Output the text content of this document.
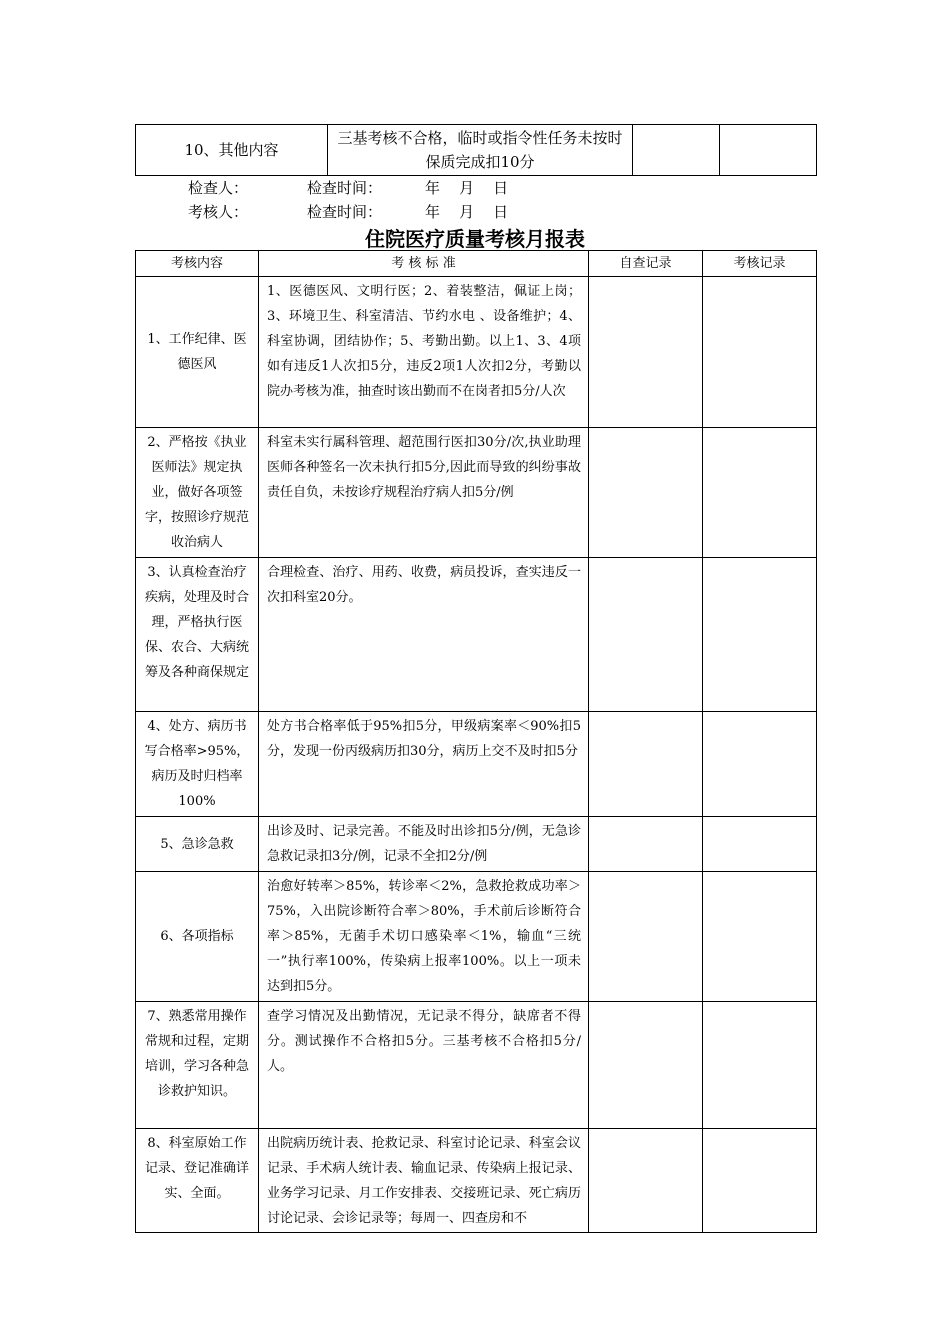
10、其他内容	三基考核不合格，临时或指令性任务未按时保质完成扣10分		
检查人：	检查时间：	年    月    日
考核人：	检查时间：	年    月    日
住院医疗质量考核月报表
考核内容	考 核 标 准	自查记录	考核记录
1、工作纪律、医德医风	1、医德医风、文明行医；2、着装整洁，佩证上岗；3、环境卫生、科室清洁、节约水电 、设备维护；4、科室协调，团结协作；5、考勤出勤。以上1、3、4项如有违反1人次扣5分，违反2项1人次扣2分，考勤以院办考核为准，抽查时该出勤而不在岗者扣5分/人次		
2、严格按《执业医师法》规定执业，做好各项签字，按照诊疗规范收治病人	科室未实行属科管理、超范围行医扣30分/次,执业助理医师各种签名一次未执行扣5分,因此而导致的纠纷事故责任自负，未按诊疗规程治疗病人扣5分/例		
3、认真检查治疗疾病，处理及时合理，严格执行医保、农合、大病统筹及各种商保规定	合理检查、治疗、用药、收费，病员投诉，查实违反一次扣科室20分。		
4、处方、病历书写合格率>95%，病历及时归档率100%	处方书合格率低于95%扣5分，甲级病案率＜90%扣5分，发现一份丙级病历扣30分，病历上交不及时扣5分		
5、急诊急救	出诊及时、记录完善。不能及时出诊扣5分/例，无急诊急救记录扣3分/例，记录不全扣2分/例		
6、各项指标	治愈好转率＞85%，转诊率＜2%，急救抢救成功率＞75%，入出院诊断符合率＞80%，手术前后诊断符合率＞85%，无菌手术切口感染率＜1%，输血“三统一”执行率100%，传染病上报率100%。以上一项未达到扣5分。		
7、熟悉常用操作常规和过程，定期培训，学习各种急诊救护知识。	查学习情况及出勤情况，无记录不得分，缺席者不得分。测试操作不合格扣5分。三基考核不合格扣5分/人。		
8、科室原始工作记录、登记准确详实、全面。	出院病历统计表、抢救记录、科室讨论记录、科室会议记录、手术病人统计表、输血记录、传染病上报记录、业务学习记录、月工作安排表、交接班记录、死亡病历讨论记录、会诊记录等；每周一、四查房和不		
